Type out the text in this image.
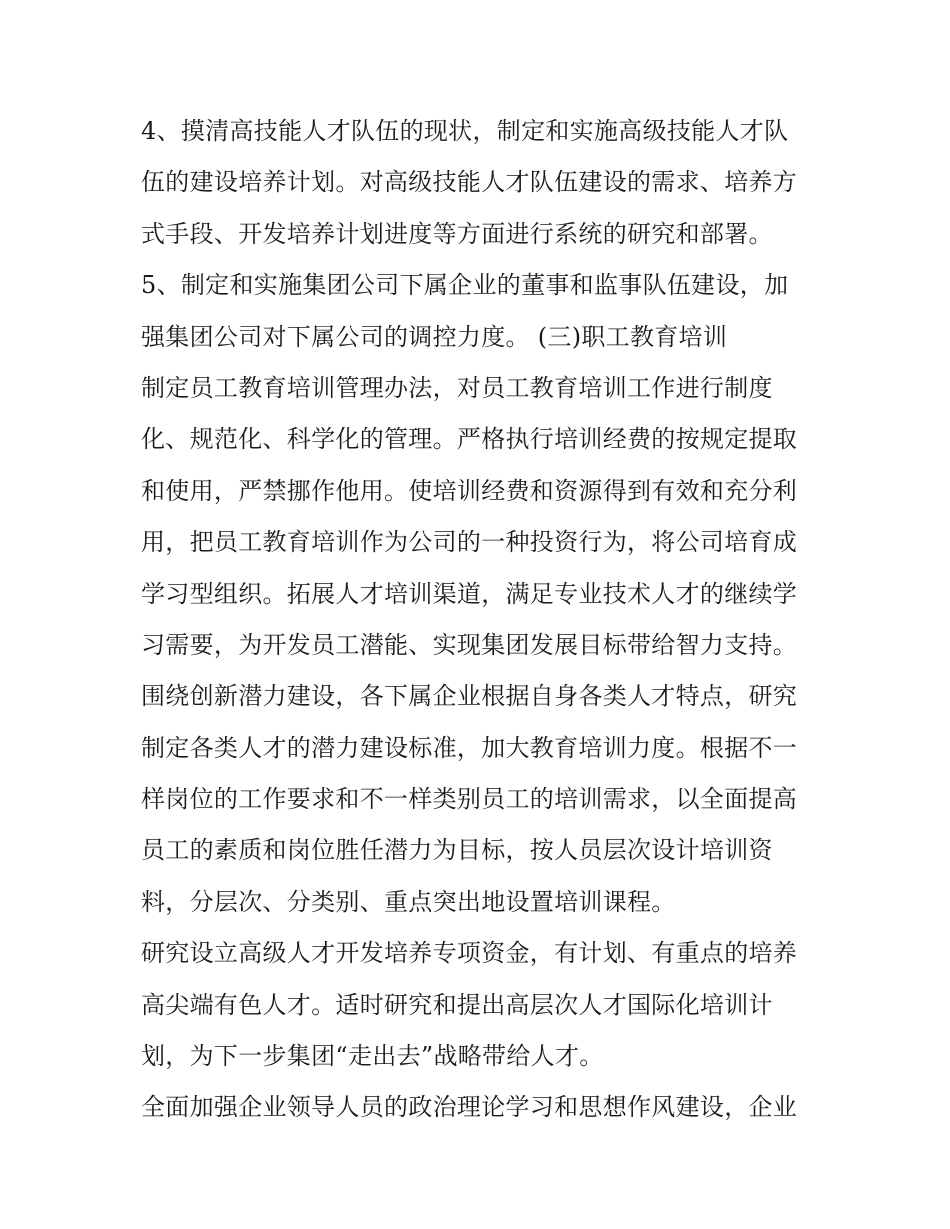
4、摸清高技能人才队伍的现状，制定和实施高级技能人才队
伍的建设培养计划。对高级技能人才队伍建设的需求、培养方
式手段、开发培养计划进度等方面进行系统的研究和部署。
5、制定和实施集团公司下属企业的董事和监事队伍建设，加
强集团公司对下属公司的调控力度。 (三)职工教育培训
制定员工教育培训管理办法，对员工教育培训工作进行制度
化、规范化、科学化的管理。严格执行培训经费的按规定提取
和使用，严禁挪作他用。使培训经费和资源得到有效和充分利
用，把员工教育培训作为公司的一种投资行为，将公司培育成
学习型组织。拓展人才培训渠道，满足专业技术人才的继续学
习需要，为开发员工潜能、实现集团发展目标带给智力支持。
围绕创新潜力建设，各下属企业根据自身各类人才特点，研究
制定各类人才的潜力建设标准，加大教育培训力度。根据不一
样岗位的工作要求和不一样类别员工的培训需求，以全面提高
员工的素质和岗位胜任潜力为目标，按人员层次设计培训资
料，分层次、分类别、重点突出地设置培训课程。
研究设立高级人才开发培养专项资金，有计划、有重点的培养
高尖端有色人才。适时研究和提出高层次人才国际化培训计
划，为下一步集团“走出去”战略带给人才。
全面加强企业领导人员的政治理论学习和思想作风建设，企业
